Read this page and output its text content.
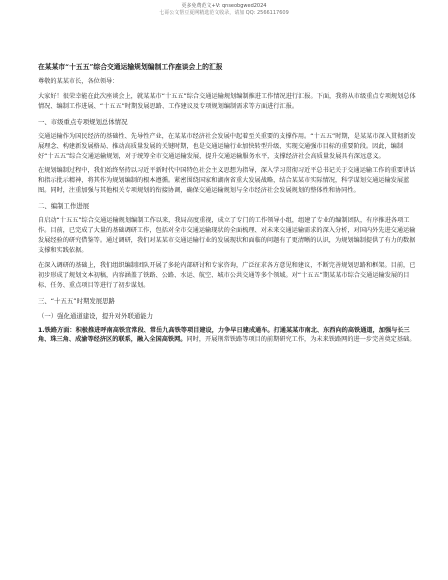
更多免费范文+V: qnseobgwed2024
七哥公文帮豆夏网精选范文收录，请加 QQ: 2566117609
在某某市“十五五”综合交通运输规划编制工作座谈会上的汇报

尊敬的某某市长，各位领导：

大家好！很荣幸能在此次座谈会上，就某某市“十五五”综合交通运输规划编制推进工作情况进行汇报。下面，我将从市级重点专项规划总体情况、编制工作进展、“十五五”时期发展思路、工作建议及专项规划编制需求等方面进行汇报。

一、市级重点专项规划总体情况

交通运输作为国民经济的基础性、先导性产业，在某某市经济社会发展中起着至关重要的支撑作用。“十五五”时期，是某某市深入贯彻新发展理念、构建新发展格局、推动高质量发展的关键时期，也是交通运输行业加快转型升级、实现交通强市目标的重要阶段。因此，编制好“十五五”综合交通运输规划，对于统筹全市交通运输发展，提升交通运输服务水平，支撑经济社会高质量发展具有深远意义。

在规划编制过程中，我们始终坚持以习近平新时代中国特色社会主义思想为指导，深入学习贯彻习近平总书记关于交通运输工作的重要讲话和指示批示精神，将其作为规划编制的根本遵循。紧密围绕国家和湖南省重大发展战略，结合某某市实际情况，科学谋划交通运输发展蓝图。同时，注重加强与其他相关专项规划的衔接协调，确保交通运输规划与全市经济社会发展规划的整体性和协同性。

二、编制工作进展

自启动“十五五”综合交通运输规划编制工作以来，我局高度重视，成立了专门的工作领导小组，组建了专业的编制团队，有序推进各项工作。目前，已完成了大量的基础调研工作，包括对全市交通运输现状的全面梳理、对未来交通运输需求的深入分析，对国内外先进交通运输发展经验的研究借鉴等。通过调研，我们对某某市交通运输行业的发展现状和面临的问题有了更清晰的认识，为规划编制提供了有力的数据支撑和实践依据。

在深入调研的基础上，我们组织编制团队开展了多轮内部研讨和专家咨询，广泛征求各方意见和建议，不断完善规划思路和框架。目前，已初步形成了规划文本初稿，内容涵盖了铁路、公路、水运、航空、城市公共交通等多个领域。对“十五五”期某某市综合交通运输发展的目标、任务、重点项目等进行了初步谋划。

三、“十五五”时期发展思路

（一）强化通道建设，提升对外联通能力

1.铁路方面：积极推进呼南高铁宜常段、常岳九高铁等项目建设，力争早日建成通车。打通某某市南北、东西向的高铁通道，加强与长三角、珠三角、成渝等经济区的联系，融入全国高铁网。同时，开展荆常铁路等项目的前期研究工作，为未来铁路网的进一步完善奠定基础。
